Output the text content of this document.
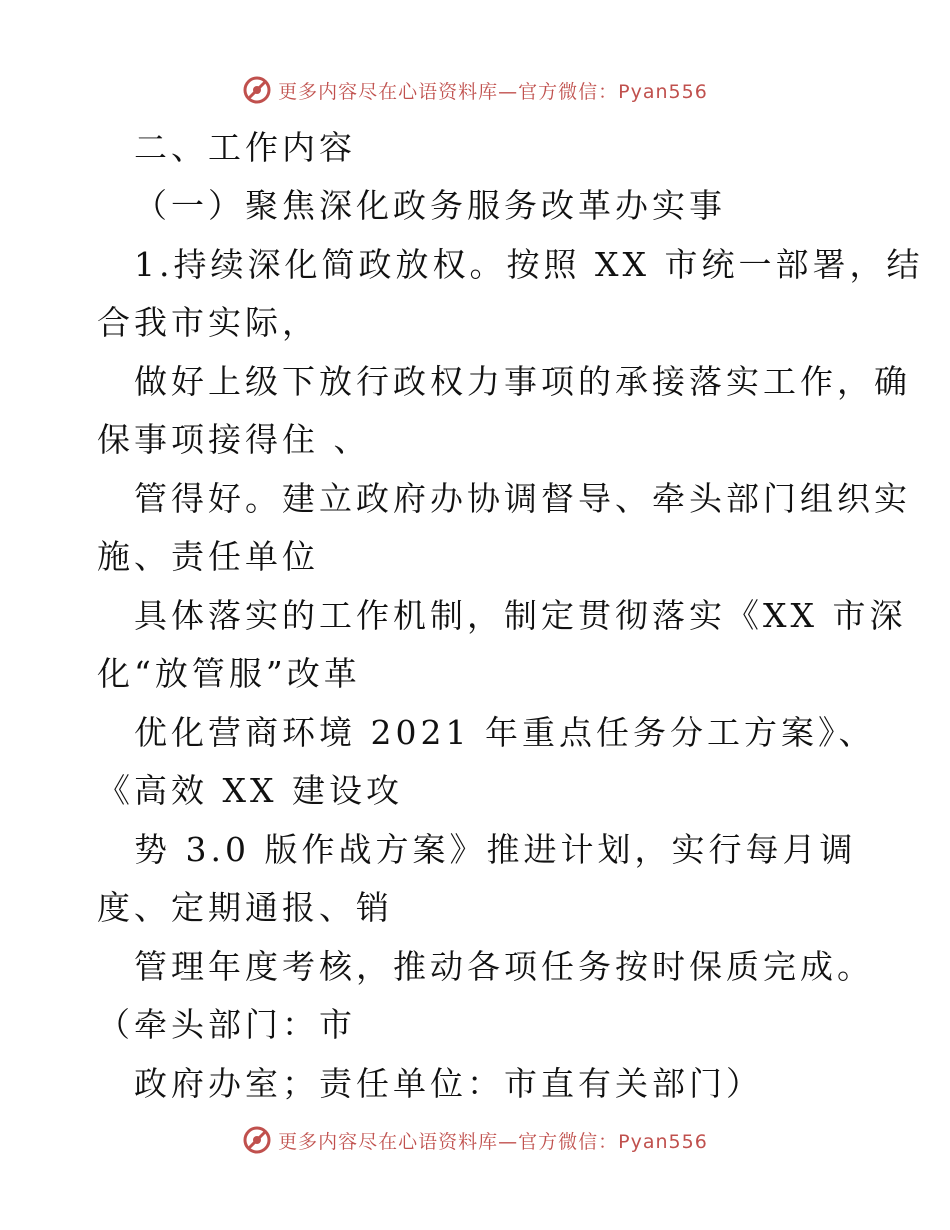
更多内容尽在心语资料库—官方微信：Pyan556
二、工作内容
（一）聚焦深化政务服务改革办实事
1.持续深化简政放权。按照 XX 市统一部署，结
合我市实际，
做好上级下放行政权力事项的承接落实工作，确
保事项接得住 、
管得好。建立政府办协调督导、牵头部门组织实
施、责任单位
具体落实的工作机制，制定贯彻落实《XX 市深
化“放管服”改革
优化营商环境 2021 年重点任务分工方案》、
《高效 XX 建设攻
势 3.0 版作战方案》推进计划，实行每月调
度、定期通报、销
管理年度考核，推动各项任务按时保质完成。
（牵头部门：市
政府办室；责任单位：市直有关部门）
更多内容尽在心语资料库—官方微信：Pyan556
